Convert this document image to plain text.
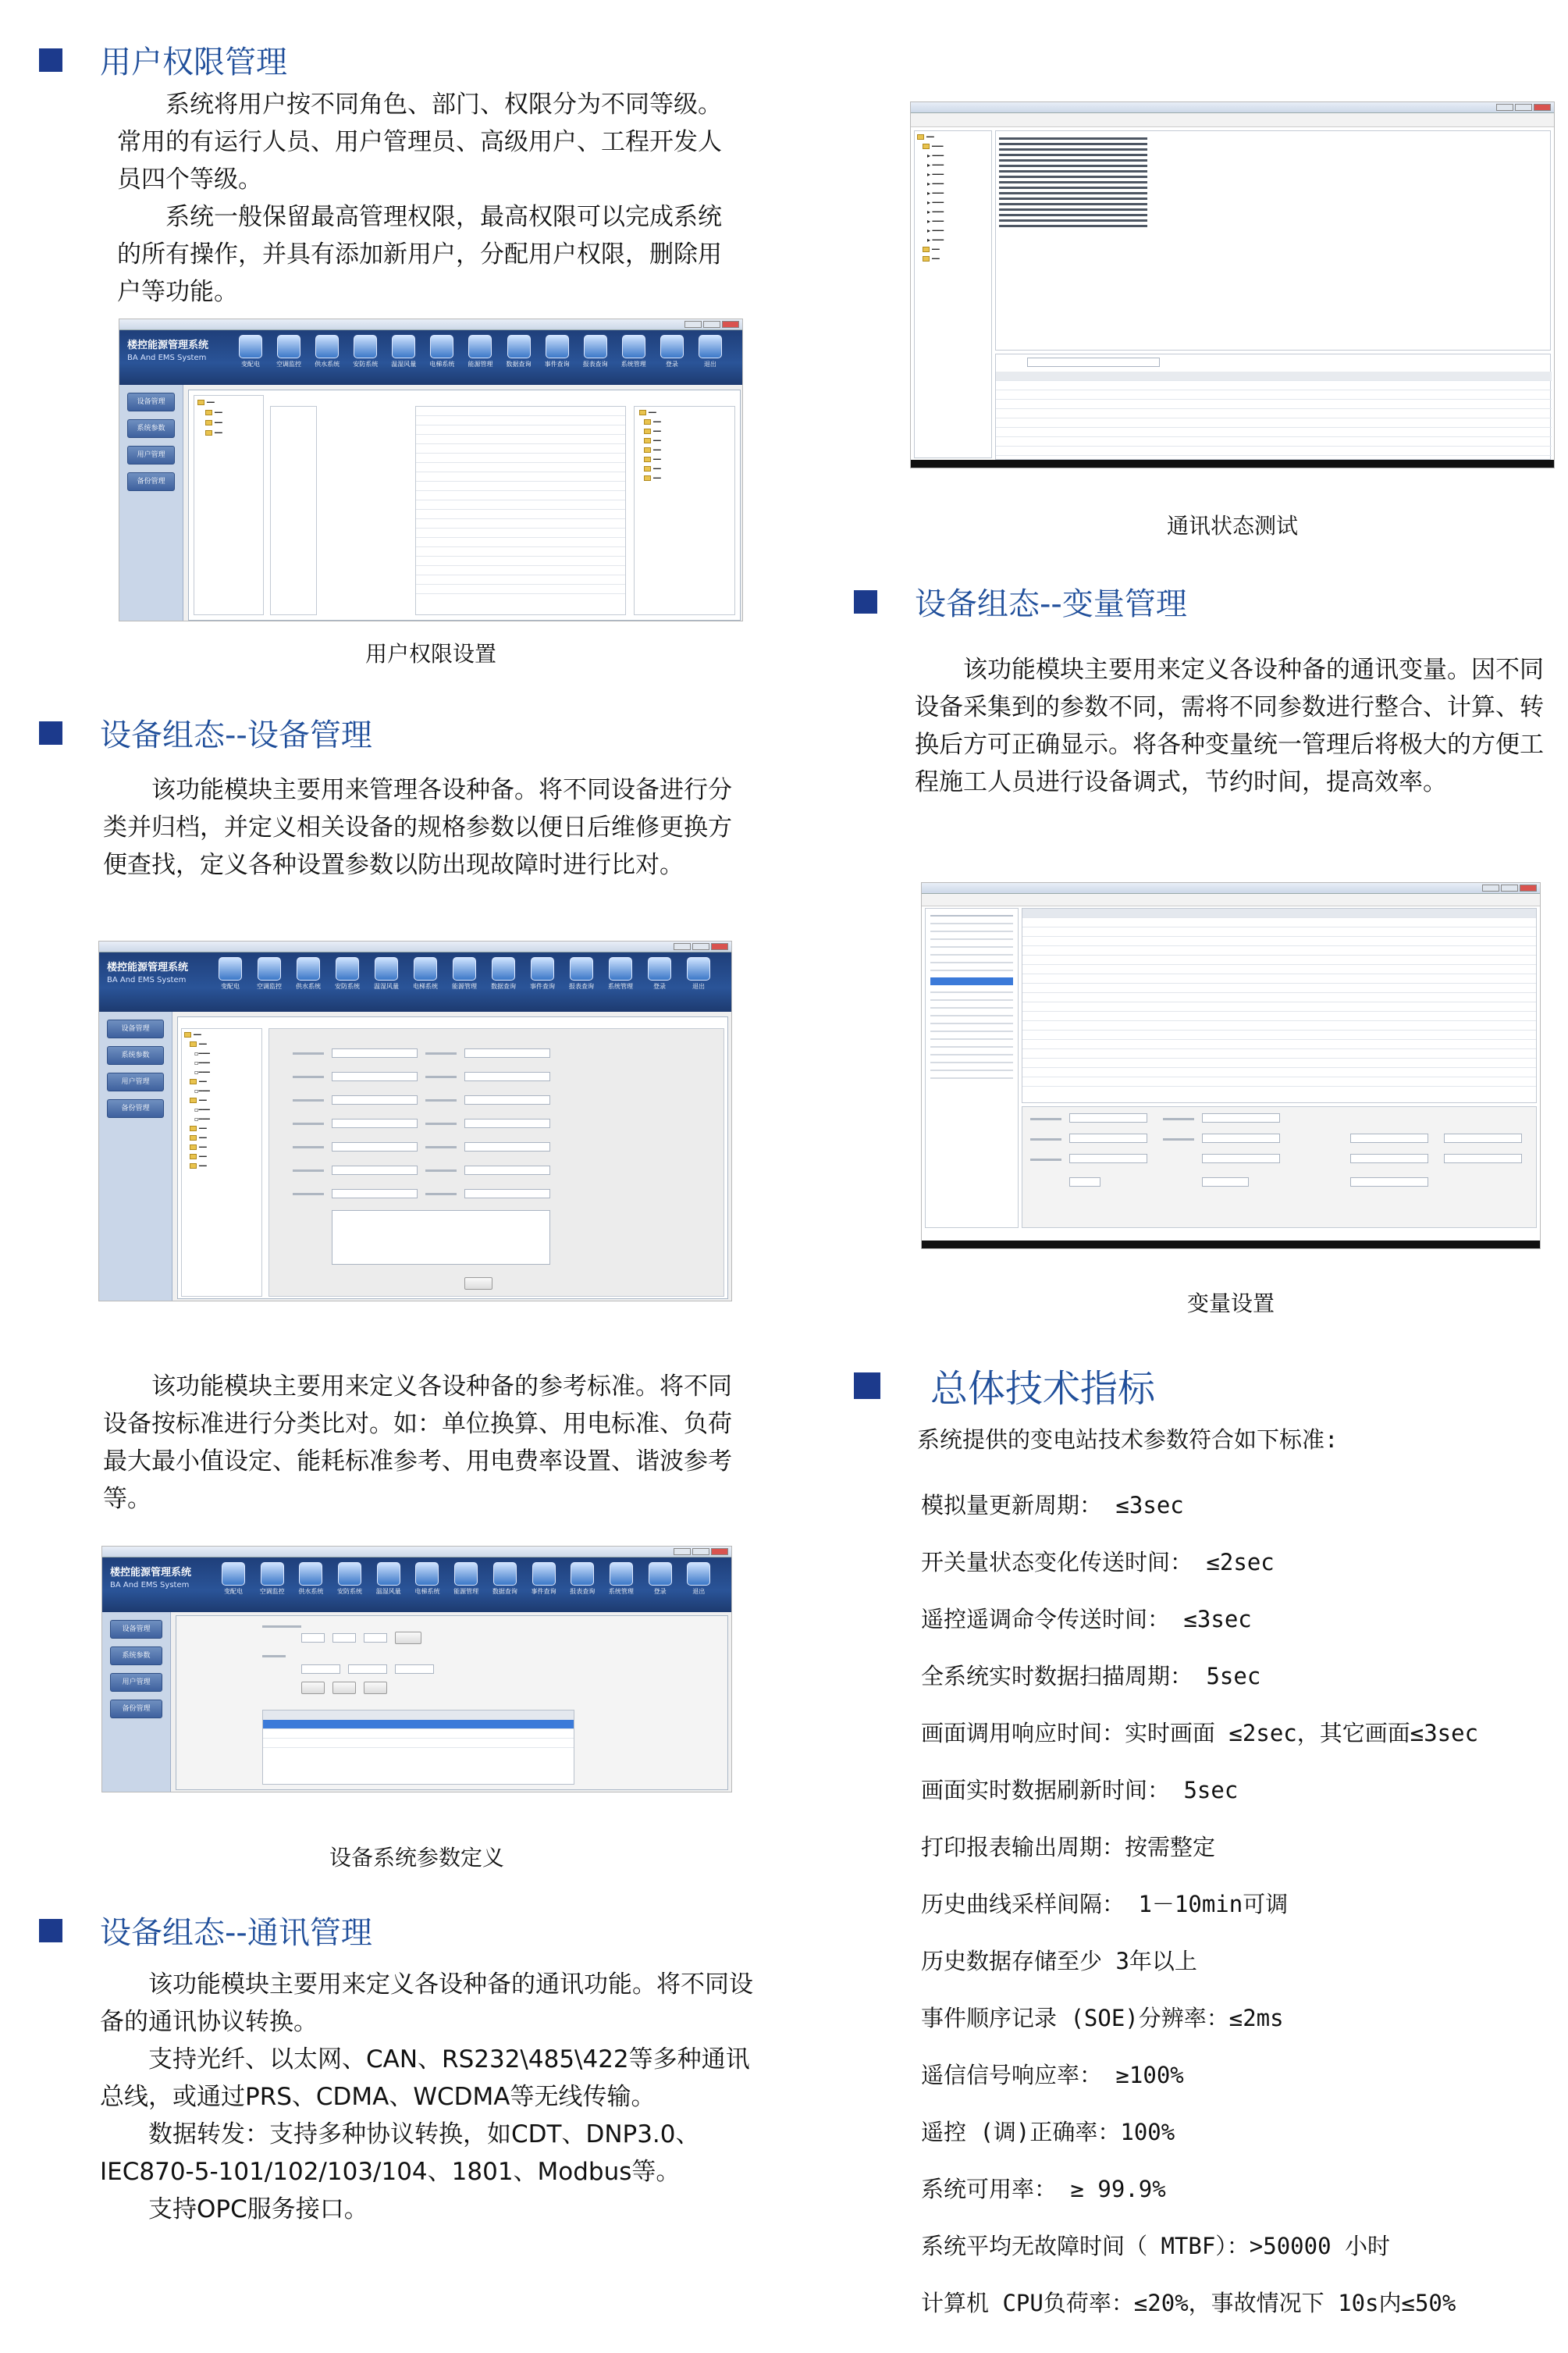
用户权限管理

系统将用户按不同角色、部门、权限分为不同等级。常用的有运行人员、用户管理员、高级用户、工程开发人员四个等级。

系统一般保留最高管理权限，最高权限可以完成系统的所有操作，并具有添加新用户，分配用户权限，删除用户等功能。

楼控能源管理系统
BA And EMS System
变配电	空调监控 供水系统 安防系统 温湿风量 电梯系统 能源管理 数据查询 事件查询 报表查询 系统管理	登录	退出
设备管理
系统参数
用户管理
备份管理
━━
━━
━━
━━
━━
━━
━━
━━
━━
━━
━━
━━
用户权限设置
设备组态--设备管理

该功能模块主要用来管理各设种备。将不同设备进行分类并归档，并定义相关设备的规格参数以便日后维修更换方便查找，定义各种设置参数以防出现故障时进行比对。

楼控能源管理系统
BA And EMS System
变配电	空调监控 供水系统 安防系统 温湿风量 电梯系统 能源管理 数据查询 事件查询 报表查询 系统管理	登录	退出
设备管理
系统参数
用户管理
备份管理
━━
━━
▫━━━
▫━━━
▫━━━
━━
▫━━━
━━
▫━━━
▫━━━
━━
━━
━━
━━
━━

该功能模块主要用来定义各设种备的参考标准。将不同设备按标准进行分类比对。如：单位换算、用电标准、负荷最大最小值设定、能耗标准参考、用电费率设置、谐波参考等。

楼控能源管理系统
BA And EMS System
变配电	空调监控 供水系统 安防系统 温湿风量 电梯系统 能源管理 数据查询 事件查询 报表查询 系统管理	登录	退出
设备管理
系统参数
用户管理
备份管理
设备系统参数定义
设备组态--通讯管理

该功能模块主要用来定义各设种备的通讯功能。将不同设备的通讯协议转换。

支持光纤、以太网、CAN、RS232\485\422等多种通讯总线，或通过PRS、CDMA、WCDMA等无线传输。

数据转发：支持多种协议转换，如CDT、DNP3.0、IEC870-5-101/102/103/104、1801、Modbus等。

支持OPC服务接口。

━━
━━━
▸ ━━━
▸ ━━━
▸ ━━━
▸ ━━━
▸ ━━━
▸ ━━━
▸ ━━━
▸ ━━━
▸ ━━━
▸ ━━━
━━
━━
通讯状态测试
设备组态--变量管理

该功能模块主要用来定义各设种备的通讯变量。因不同设备采集到的参数不同，需将不同参数进行整合、计算、转换后方可正确显示。将各种变量统一管理后将极大的方便工程施工人员进行设备调式，节约时间，提高效率。

变量设置
总体技术指标
系统提供的变电站技术参数符合如下标准:
模拟量更新周期： ≤3sec
开关量状态变化传送时间： ≤2sec
遥控遥调命令传送时间： ≤3sec
全系统实时数据扫描周期： 5sec
画面调用响应时间：实时画面 ≤2sec，其它画面≤3sec
画面实时数据刷新时间： 5sec
打印报表输出周期：按需整定
历史曲线采样间隔： 1－10min可调
历史数据存储至少 3年以上
事件顺序记录 (SOE)分辨率：≤2ms
遥信信号响应率： ≥100%
遥控 (调)正确率：100%
系统可用率： ≥ 99.9%
系统平均无故障时间（ MTBF）：>50000 小时
计算机 CPU负荷率：≤20%，事故情况下 10s内≤50%
